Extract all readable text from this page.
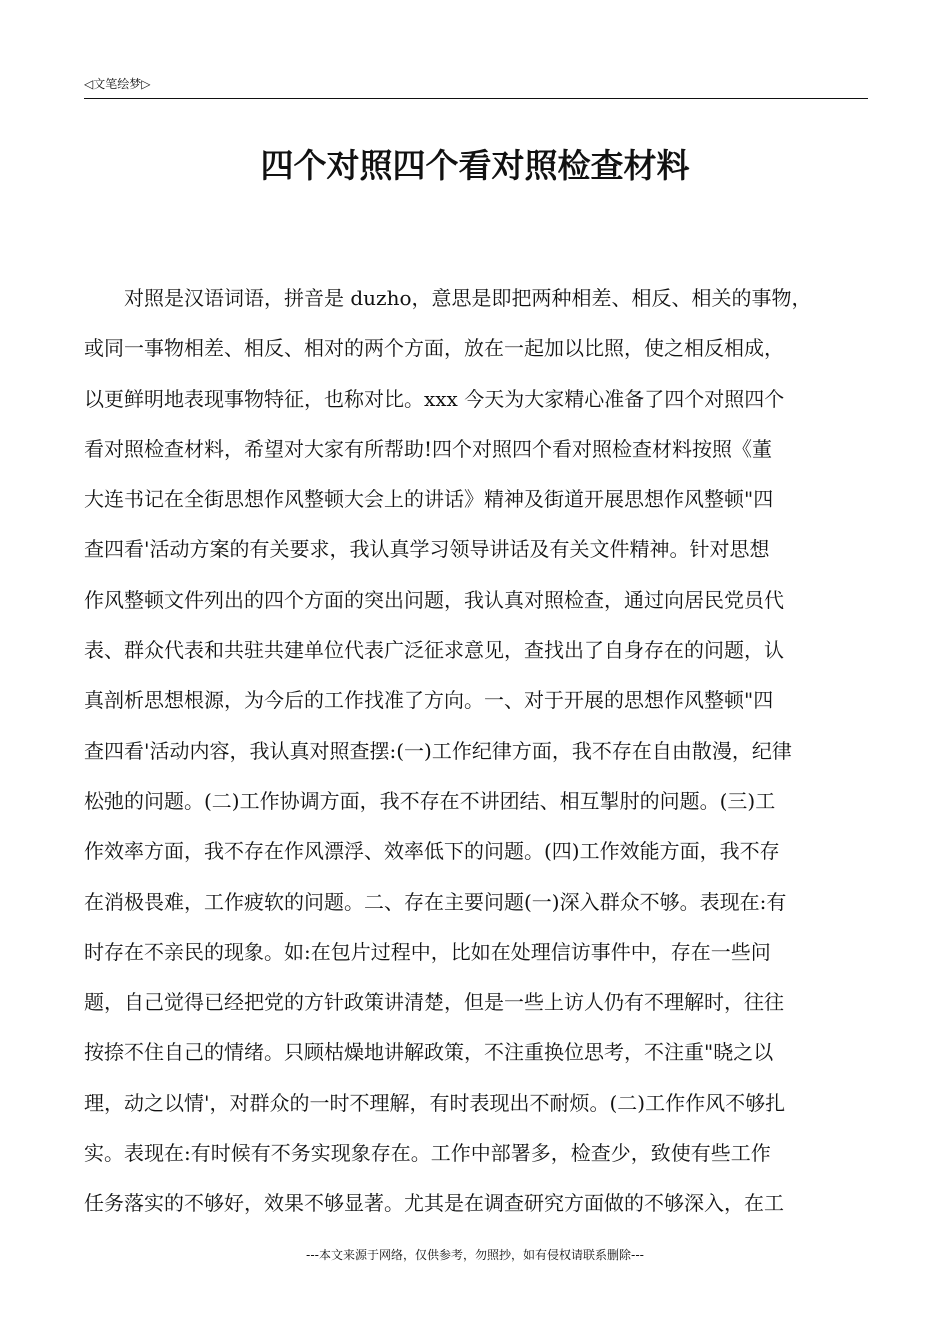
◁文笔绘梦▷
四个对照四个看对照检查材料
对照是汉语词语，拼音是 duzho，意思是即把两种相差、相反、相关的事物，
或同一事物相差、相反、相对的两个方面，放在一起加以比照，使之相反相成，
以更鲜明地表现事物特征，也称对比。xxx 今天为大家精心准备了四个对照四个
看对照检查材料，希望对大家有所帮助!四个对照四个看对照检查材料按照《董
大连书记在全街思想作风整顿大会上的讲话》精神及街道开展思想作风整顿"四
查四看'活动方案的有关要求，我认真学习领导讲话及有关文件精神。针对思想
作风整顿文件列出的四个方面的突出问题，我认真对照检查，通过向居民党员代
表、群众代表和共驻共建单位代表广泛征求意见，查找出了自身存在的问题，认
真剖析思想根源，为今后的工作找准了方向。一、对于开展的思想作风整顿"四
查四看'活动内容，我认真对照查摆:(一)工作纪律方面，我不存在自由散漫，纪律
松弛的问题。(二)工作协调方面，我不存在不讲团结、相互掣肘的问题。(三)工
作效率方面，我不存在作风漂浮、效率低下的问题。(四)工作效能方面，我不存
在消极畏难，工作疲软的问题。二、存在主要问题(一)深入群众不够。表现在:有
时存在不亲民的现象。如:在包片过程中，比如在处理信访事件中，存在一些问
题，自己觉得已经把党的方针政策讲清楚，但是一些上访人仍有不理解时，往往
按捺不住自己的情绪。只顾枯燥地讲解政策，不注重换位思考，不注重"晓之以
理，动之以情'，对群众的一时不理解，有时表现出不耐烦。(二)工作作风不够扎
实。表现在:有时候有不务实现象存在。工作中部署多，检查少，致使有些工作
任务落实的不够好，效果不够显著。尤其是在调查研究方面做的不够深入，在工
---本文来源于网络，仅供参考，勿照抄，如有侵权请联系删除---
